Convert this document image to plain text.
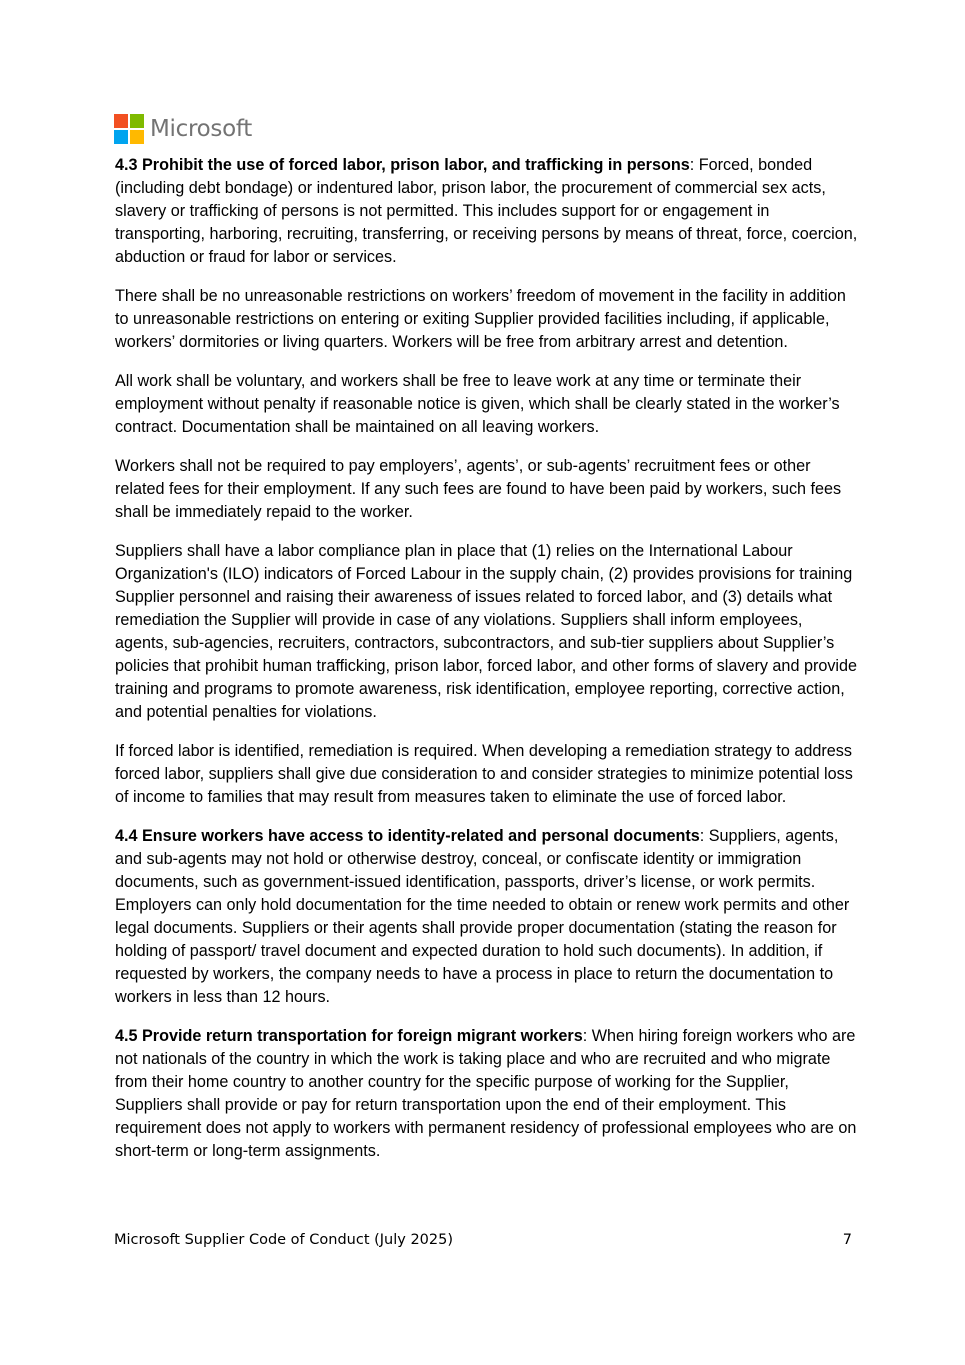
Microsoft

4.3 Prohibit the use of forced labor, prison labor, and trafficking in persons: Forced, bonded (including debt bondage) or indentured labor, prison labor, the procurement of commercial sex acts, slavery or trafficking of persons is not permitted. This includes support for or engagement in transporting, harboring, recruiting, transferring, or receiving persons by means of threat, force, coercion, abduction or fraud for labor or services.

There shall be no unreasonable restrictions on workers’ freedom of movement in the facility in addition to unreasonable restrictions on entering or exiting Supplier provided facilities including, if applicable, workers’ dormitories or living quarters. Workers will be free from arbitrary arrest and detention.

All work shall be voluntary, and workers shall be free to leave work at any time or terminate their employment without penalty if reasonable notice is given, which shall be clearly stated in the worker’s contract. Documentation shall be maintained on all leaving workers.

Workers shall not be required to pay employers’, agents’, or sub-agents’ recruitment fees or other related fees for their employment. If any such fees are found to have been paid by workers, such fees shall be immediately repaid to the worker.

Suppliers shall have a labor compliance plan in place that (1) relies on the International Labour Organization's (ILO) indicators of Forced Labour in the supply chain, (2) provides provisions for training Supplier personnel and raising their awareness of issues related to forced labor, and (3) details what remediation the Supplier will provide in case of any violations. Suppliers shall inform employees, agents, sub-agencies, recruiters, contractors, subcontractors, and sub-tier suppliers about Supplier’s policies that prohibit human trafficking, prison labor, forced labor, and other forms of slavery and provide training and programs to promote awareness, risk identification, employee reporting, corrective action, and potential penalties for violations.

If forced labor is identified, remediation is required. When developing a remediation strategy to address forced labor, suppliers shall give due consideration to and consider strategies to minimize potential loss of income to families that may result from measures taken to eliminate the use of forced labor.

4.4 Ensure workers have access to identity-related and personal documents: Suppliers, agents, and sub-agents may not hold or otherwise destroy, conceal, or confiscate identity or immigration documents, such as government-issued identification, passports, driver’s license, or work permits. Employers can only hold documentation for the time needed to obtain or renew work permits and other legal documents. Suppliers or their agents shall provide proper documentation (stating the reason for holding of passport/ travel document and expected duration to hold such documents). In addition, if requested by workers, the company needs to have a process in place to return the documentation to workers in less than 12 hours.

4.5 Provide return transportation for foreign migrant workers: When hiring foreign workers who are not nationals of the country in which the work is taking place and who are recruited and who migrate from their home country to another country for the specific purpose of working for the Supplier, Suppliers shall provide or pay for return transportation upon the end of their employment. This requirement does not apply to workers with permanent residency of professional employees who are on short-term or long-term assignments.

Microsoft Supplier Code of Conduct (July 2025)	7
